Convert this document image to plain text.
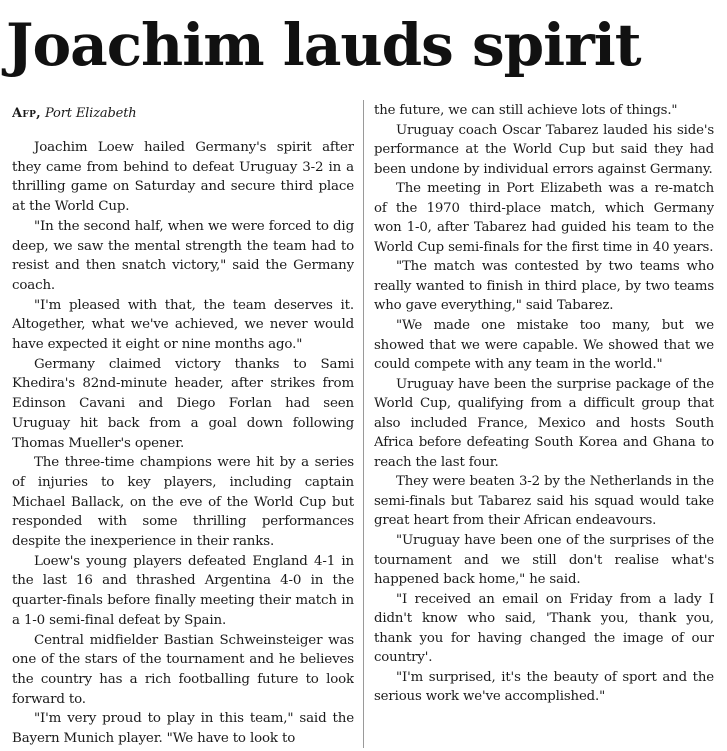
Joachim lauds spirit
Afp, Port Elizabeth

Joachim Loew hailed Germany's spirit after they came from behind to defeat Uruguay 3-2 in a thrilling game on Saturday and secure third place at the World Cup.

"In the second half, when we were forced to dig deep, we saw the mental strength the team had to resist and then snatch victory," said the Germany coach.

"I'm pleased with that, the team deserves it. Altogether, what we've achieved, we never would have expected it eight or nine months ago."

Germany claimed victory thanks to Sami Khedira's 82nd-minute header, after strikes from Edinson Cavani and Diego Forlan had seen Uruguay hit back from a goal down following Thomas Mueller's opener.

The three-time champions were hit by a series of injuries to key players, including captain Michael Ballack, on the eve of the World Cup but responded with some thrilling performances despite the inexperience in their ranks.

Loew's young players defeated England 4-1 in the last 16 and thrashed Argentina 4-0 in the quarter-finals before finally meeting their match in a 1-0 semi-final defeat by Spain.

Central midfielder Bastian Schweinsteiger was one of the stars of the tournament and he believes the country has a rich footballing future to look forward to.

"I'm very proud to play in this team," said the Bayern Munich player. "We have to look to

the future, we can still achieve lots of things."

Uruguay coach Oscar Tabarez lauded his side's performance at the World Cup but said they had been undone by individual errors against Germany.

The meeting in Port Elizabeth was a re-match of the 1970 third-place match, which Germany won 1-0, after Tabarez had guided his team to the World Cup semi-finals for the first time in 40 years.

"The match was contested by two teams who really wanted to finish in third place, by two teams who gave everything," said Tabarez.

"We made one mistake too many, but we showed that we were capable. We showed that we could compete with any team in the world."

Uruguay have been the surprise package of the World Cup, qualifying from a difficult group that also included France, Mexico and hosts South Africa before defeating South Korea and Ghana to reach the last four.

They were beaten 3-2 by the Netherlands in the semi-finals but Tabarez said his squad would take great heart from their African endeavours.

"Uruguay have been one of the surprises of the tournament and we still don't realise what's happened back home," he said.

"I received an email on Friday from a lady I didn't know who said, 'Thank you, thank you, thank you for having changed the image of our country'.

"I'm surprised, it's the beauty of sport and the serious work we've accomplished."
